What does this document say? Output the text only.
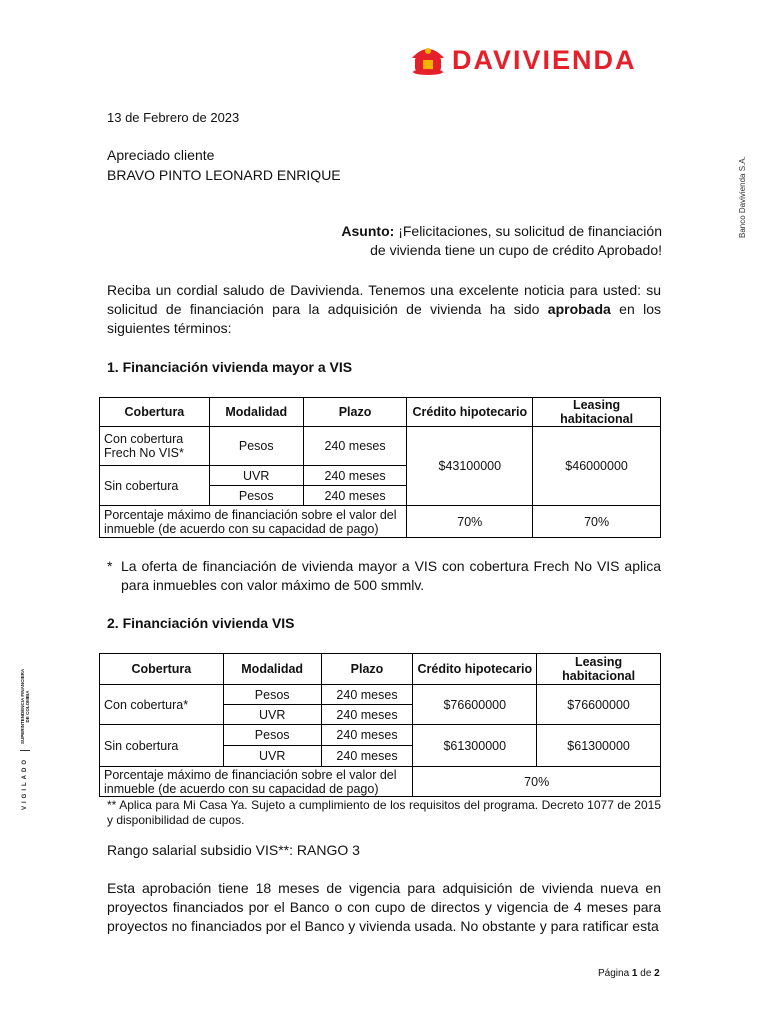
DAVIVIENDA
Banco Davivienda S.A.
VIGILADO
SUPERINTENDENCIA FINANCIERA
DE COLOMBIA
13 de Febrero de 2023
Apreciado cliente
BRAVO PINTO LEONARD ENRIQUE
Asunto: ¡Felicitaciones, su solicitud de financiación
de vivienda tiene un cupo de crédito Aprobado!
Reciba un cordial saludo de Davivienda. Tenemos una excelente noticia para usted: su solicitud de financiación para la adquisición de vivienda ha sido aprobada en los siguientes términos:
1. Financiación vivienda mayor a VIS
Cobertura	Modalidad	Plazo	Crédito hipotecario	Leasing habitacional
Con cobertura Frech No VIS*	Pesos	240 meses	$43100000	$46000000
Sin cobertura	UVR	240 meses		
	Pesos	240 meses		
Porcentaje máximo de financiación sobre el valor del inmueble (de acuerdo con su capacidad de pago)			70%	70%
* La oferta de financiación de vivienda mayor a VIS con cobertura Frech No VIS aplica para inmuebles con valor máximo de 500 smmlv.
2. Financiación vivienda VIS
Cobertura	Modalidad	Plazo	Crédito hipotecario	Leasing habitacional
Con cobertura*	Pesos	240 meses	$76600000	$76600000
	UVR	240 meses		
Sin cobertura	Pesos	240 meses	$61300000	$61300000
	UVR	240 meses		
Porcentaje máximo de financiación sobre el valor del inmueble (de acuerdo con su capacidad de pago)			70%	
** Aplica para Mi Casa Ya. Sujeto a cumplimiento de los requisitos del programa. Decreto 1077 de 2015 y disponibilidad de cupos.
Rango salarial subsidio VIS**: RANGO 3
Esta aprobación tiene 18 meses de vigencia para adquisición de vivienda nueva en proyectos financiados por el Banco o con cupo de directos y vigencia de 4 meses para proyectos no financiados por el Banco y vivienda usada. No obstante y para ratificar esta
Página 1 de 2
